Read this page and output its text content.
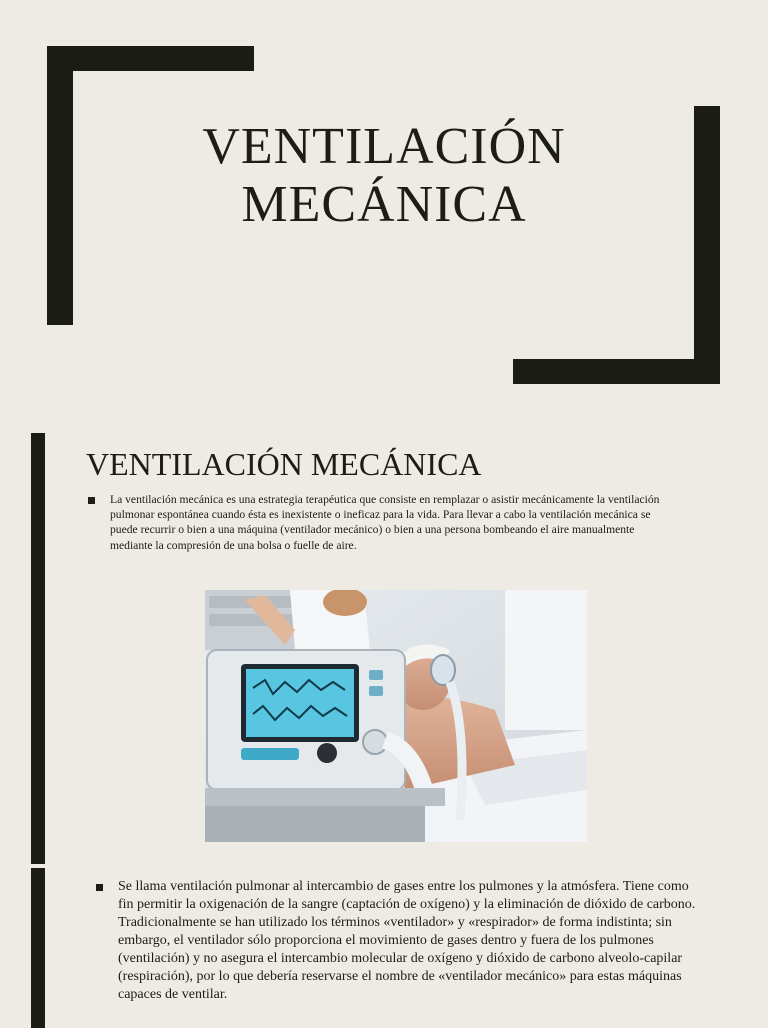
VENTILACIÓN
MECÁNICA
VENTILACIÓN MECÁNICA
La ventilación mecánica es una estrategia terapéutica que consiste en remplazar o asistir mecánicamente la ventilación pulmonar espontánea cuando ésta es inexistente o ineficaz para la vida. Para llevar a cabo la ventilación mecánica se puede recurrir o bien a una máquina (ventilador mecánico) o bien a una persona bombeando el aire manualmente mediante la compresión de una bolsa o fuelle de aire.
Se llama ventilación pulmonar al intercambio de gases entre los pulmones y la atmósfera. Tiene como fin permitir la oxigenación de la sangre (captación de oxígeno) y la eliminación de dióxido de carbono. Tradicionalmente se han utilizado los términos «ventilador» y «respirador» de forma indistinta; sin embargo, el ventilador sólo proporciona el movimiento de gases dentro y fuera de los pulmones (ventilación) y no asegura el intercambio molecular de oxígeno y dióxido de carbono alveolo-capilar (respiración), por lo que debería reservarse el nombre de «ventilador mecánico» para estas máquinas capaces de ventilar.
